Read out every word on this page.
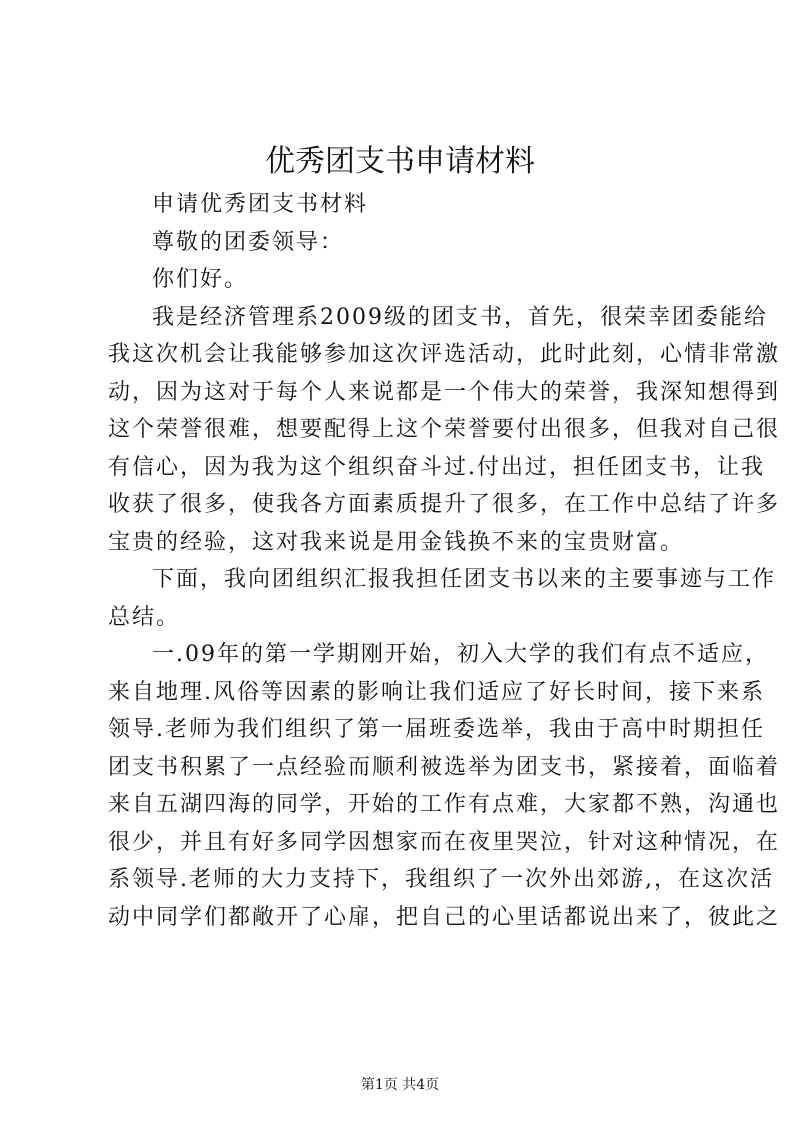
优秀团支书申请材料

申请优秀团支书材料

尊敬的团委领导：

你们好。

我是经济管理系2009级的团支书，首先，很荣幸团委能给
我这次机会让我能够参加这次评选活动，此时此刻，心情非常激
动，因为这对于每个人来说都是一个伟大的荣誉，我深知想得到
这个荣誉很难，想要配得上这个荣誉要付出很多，但我对自己很
有信心，因为我为这个组织奋斗过.付出过，担任团支书，让我
收获了很多，使我各方面素质提升了很多，在工作中总结了许多
宝贵的经验，这对我来说是用金钱换不来的宝贵财富。

下面，我向团组织汇报我担任团支书以来的主要事迹与工作
总结。

一.09年的第一学期刚开始，初入大学的我们有点不适应，
来自地理.风俗等因素的影响让我们适应了好长时间，接下来系
领导.老师为我们组织了第一届班委选举，我由于高中时期担任
团支书积累了一点经验而顺利被选举为团支书，紧接着，面临着
来自五湖四海的同学，开始的工作有点难，大家都不熟，沟通也
很少，并且有好多同学因想家而在夜里哭泣，针对这种情况，在
系领导.老师的大力支持下，我组织了一次外出郊游,，在这次活
动中同学们都敞开了心扉，把自己的心里话都说出来了，彼此之

第1页 共4页
